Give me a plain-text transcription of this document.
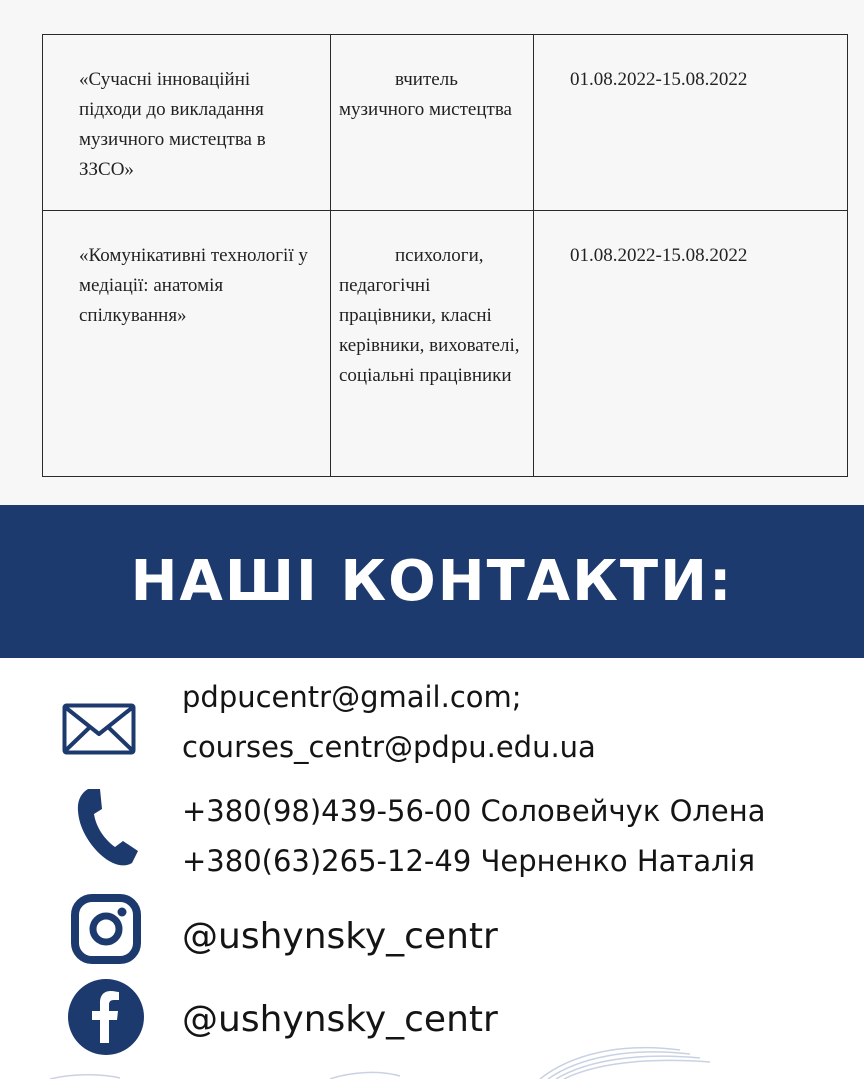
«Сучасні інноваційні підходи до викладання музичного мистецтва в ЗЗСО»	вчитель музичного мистецтва	01.08.2022-15.08.2022
«Комунікативні технології у медіації: анатомія спілкування»	психологи, педагогічні працівники, класні керівники, вихователі, соціальні працівники	01.08.2022-15.08.2022
НАШІ КОНТАКТИ:
pdpucentr@gmail.com;
courses_centr@pdpu.edu.ua
+380(98)439-56-00 Соловейчук Олена
+380(63)265-12-49 Черненко Наталія
@ushynsky_centr
@ushynsky_centr
